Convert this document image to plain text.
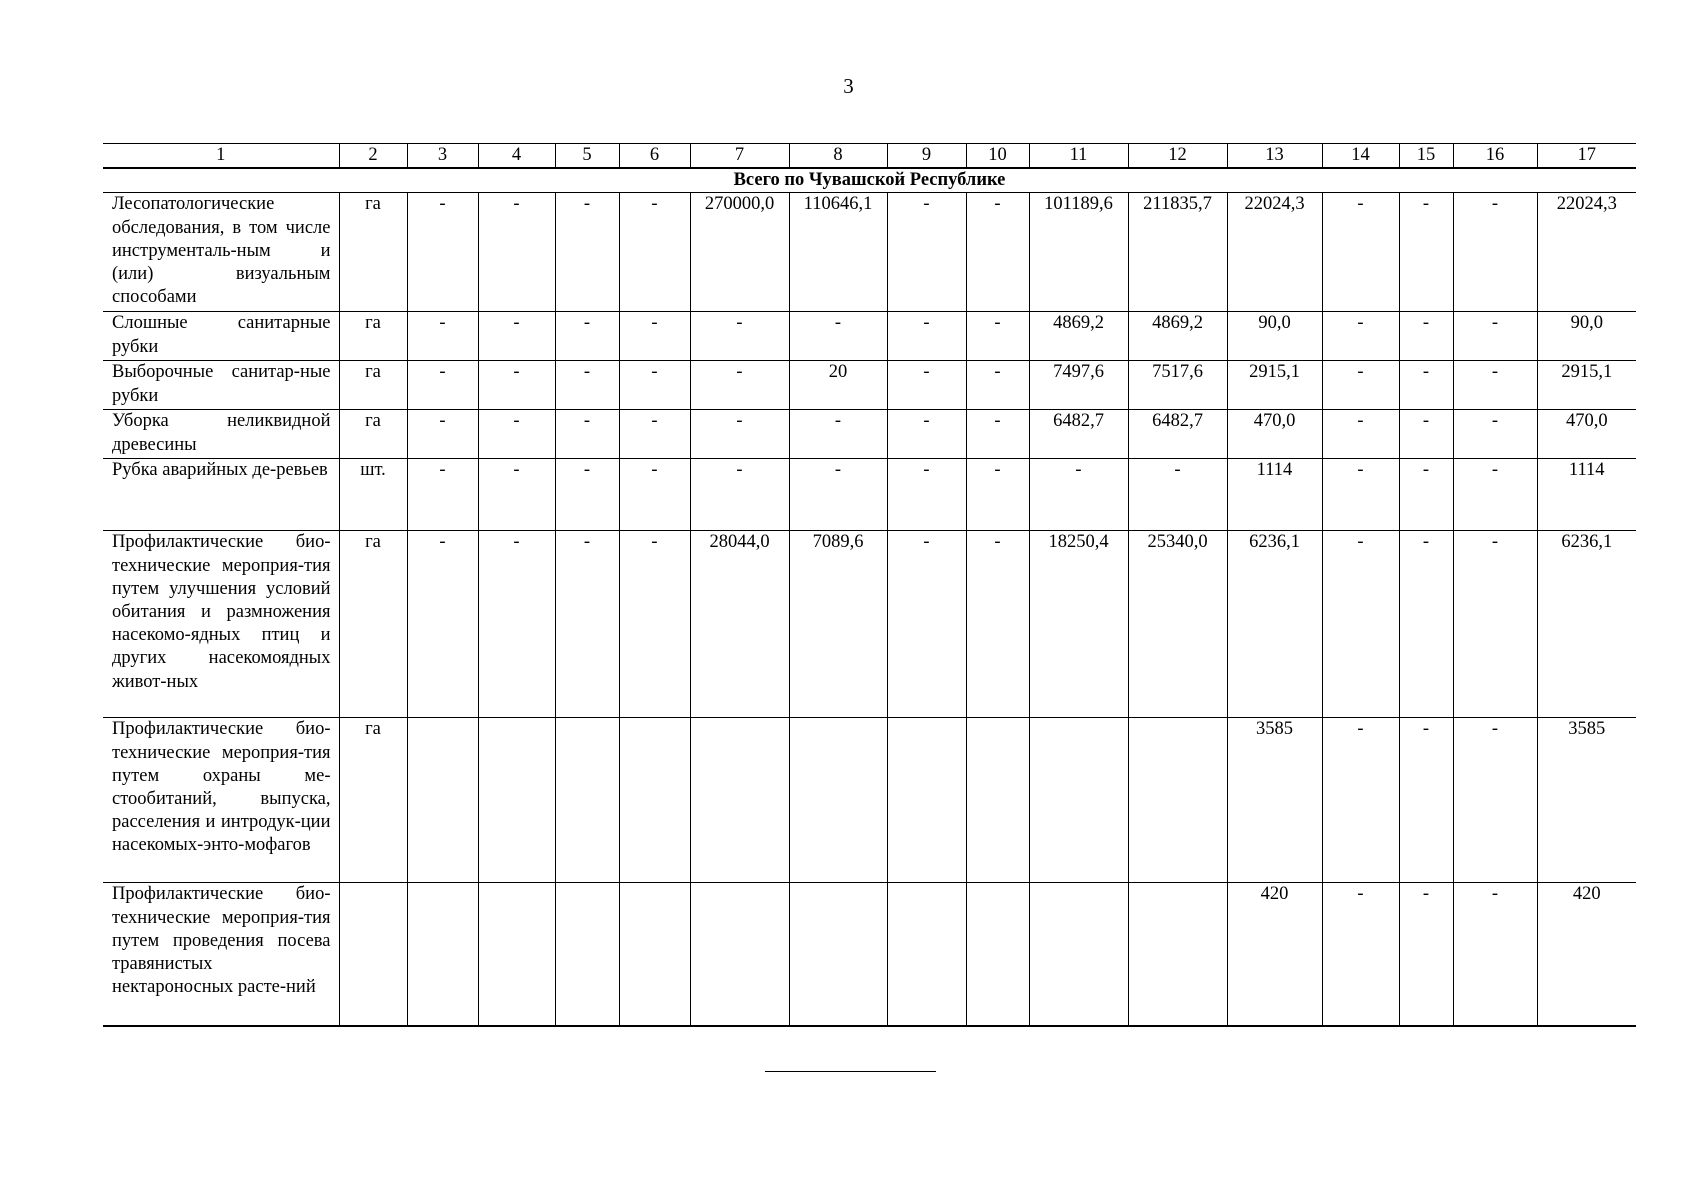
3
1	2	3	4	5	6	7	8	9	10	11	12	13	14	15	16	17
Всего по Чувашской Республике																
Лесопатологические обследования, в том числе инструменталь-ным и (или) визуальным способами	га	-	-	-	-	270000,0	110646,1	-	-	101189,6	211835,7	22024,3	-	-	-	22024,3
Слошные санитарные рубки	га	-	-	-	-	-	-	-	-	4869,2	4869,2	90,0	-	-	-	90,0
Выборочные санитар-ные рубки	га	-	-	-	-	-	20	-	-	7497,6	7517,6	2915,1	-	-	-	2915,1
Уборка неликвидной древесины	га	-	-	-	-	-	-	-	-	6482,7	6482,7	470,0	-	-	-	470,0
Рубка аварийных де-ревьев	шт.	-	-	-	-	-	-	-	-	-	-	1114	-	-	-	1114
Профилактические био-технические мероприя-тия путем улучшения условий обитания и размножения насекомо-ядных птиц и других насекомоядных живот-ных	га	-	-	-	-	28044,0	7089,6	-	-	18250,4	25340,0	6236,1	-	-	-	6236,1
Профилактические био-технические мероприя-тия путем охраны ме-стообитаний, выпуска, расселения и интродук-ции насекомых-энто-мофагов	га											3585	-	-	-	3585
Профилактические био-технические мероприя-тия путем проведения посева травянистых нектароносных расте-ний												420	-	-	-	420
